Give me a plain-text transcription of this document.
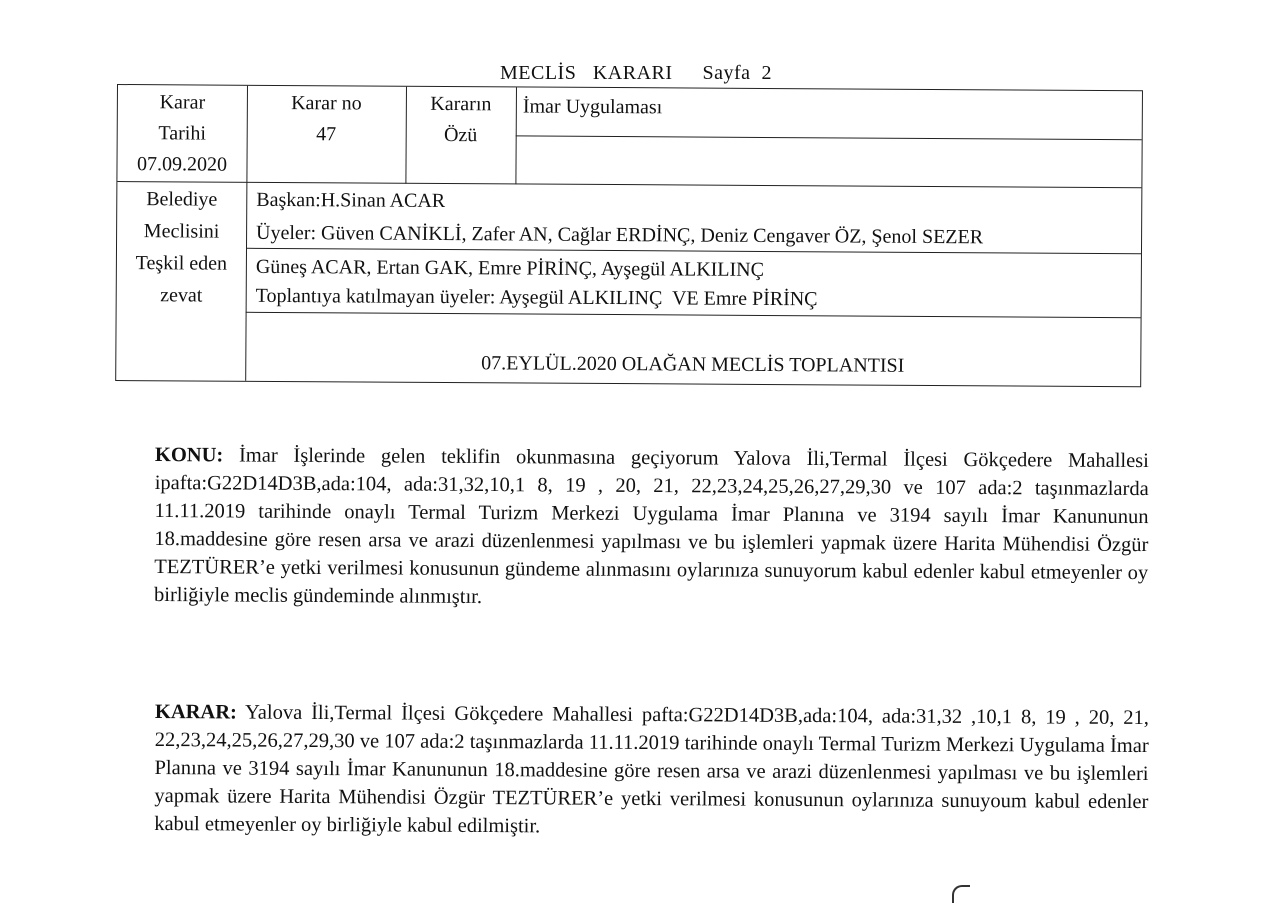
MECLİS   KARARI Sayfa  2
Karar
Tarihi
07.09.2020
Karar no
47
Kararın
Özü
İmar Uygulaması
Belediye
Meclisini
Teşkil eden
zevat
Başkan:H.Sinan ACAR
Üyeler: Güven CANİKLİ, Zafer AN, Cağlar ERDİNÇ, Deniz Cengaver ÖZ, Şenol SEZER
Güneş ACAR, Ertan GAK, Emre PİRİNÇ, Ayşegül ALKILINÇ
Toplantıya katılmayan üyeler: Ayşegül ALKILINÇ  VE Emre PİRİNÇ
07.EYLÜL.2020 OLAĞAN MECLİS TOPLANTISI
KONU: İmar İşlerinde gelen teklifin okunmasına geçiyorum Yalova İli,Termal İlçesi Gökçedere Mahallesi ipafta:G22D14D3B,ada:104, ada:31,32,10,1 8, 19 , 20, 21, 22,23,24,25,26,27,29,30 ve 107 ada:2 taşınmazlarda 11.11.2019 tarihinde onaylı Termal Turizm Merkezi Uygulama İmar Planına ve 3194 sayılı İmar Kanununun 18.maddesine göre resen arsa ve arazi düzenlenmesi yapılması ve bu işlemleri yapmak üzere Harita Mühendisi Özgür TEZTÜRER’e yetki verilmesi konusunun gündeme alınmasını oylarınıza sunuyorum kabul edenler kabul etmeyenler oy birliğiyle meclis gündeminde alınmıştır.
KARAR: Yalova İli,Termal İlçesi Gökçedere Mahallesi pafta:G22D14D3B,ada:104, ada:31,32 ,10,1 8, 19 , 20, 21, 22,23,24,25,26,27,29,30 ve 107 ada:2 taşınmazlarda 11.11.2019 tarihinde onaylı Termal Turizm Merkezi Uygulama İmar Planına ve 3194 sayılı İmar Kanununun 18.maddesine göre resen arsa ve arazi düzenlenmesi yapılması ve bu işlemleri yapmak üzere Harita Mühendisi Özgür TEZTÜRER’e yetki verilmesi konusunun oylarınıza sunuyoum kabul edenler kabul etmeyenler oy birliğiyle kabul edilmiştir.
